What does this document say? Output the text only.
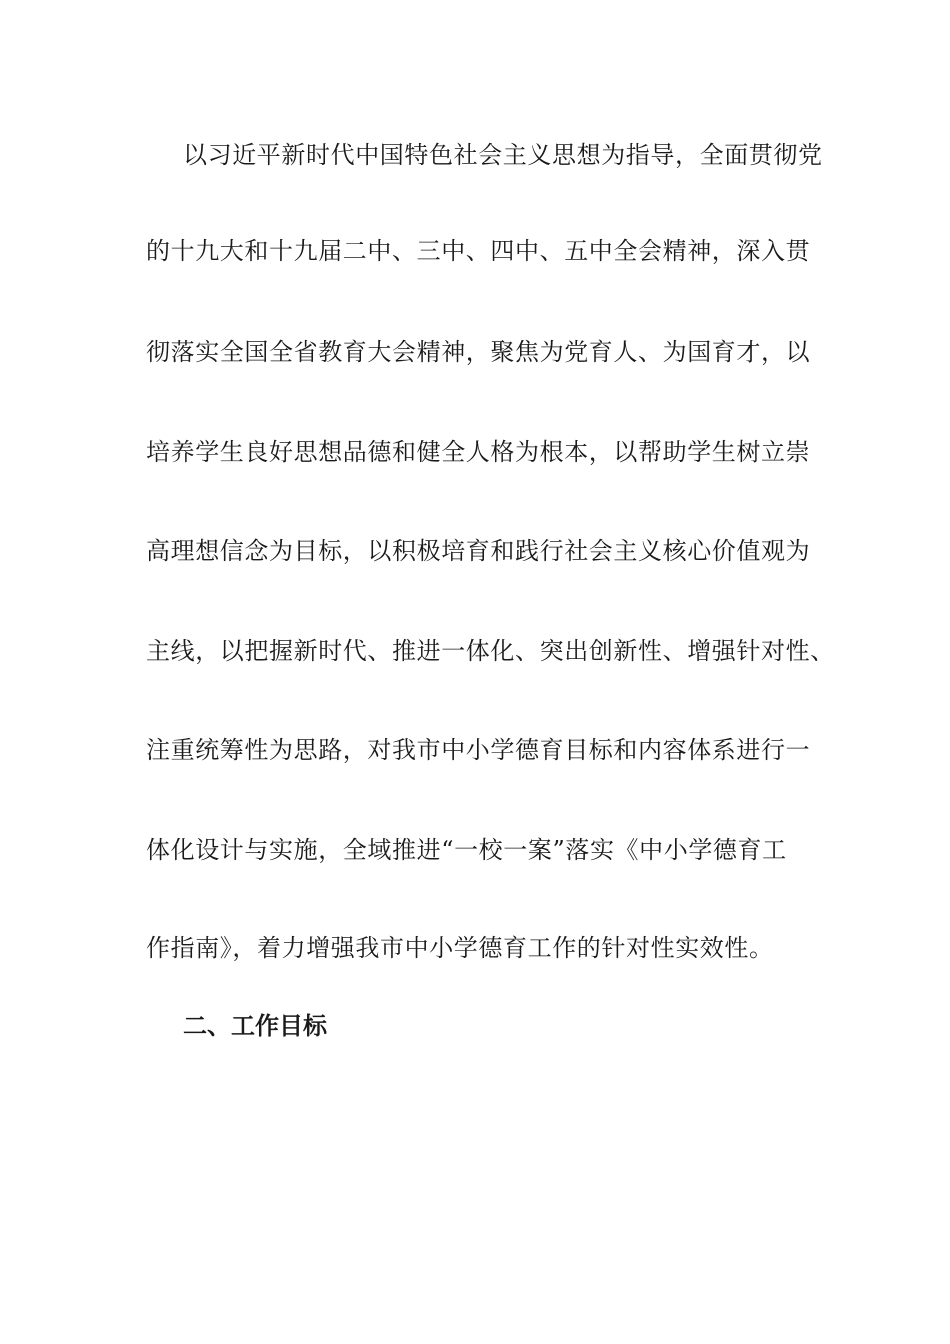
以习近平新时代中国特色社会主义思想为指导，全面贯彻党
的十九大和十九届二中、三中、四中、五中全会精神，深入贯
彻落实全国全省教育大会精神，聚焦为党育人、为国育才，以
培养学生良好思想品德和健全人格为根本，以帮助学生树立崇
高理想信念为目标，以积极培育和践行社会主义核心价值观为
主线，以把握新时代、推进一体化、突出创新性、增强针对性、
注重统筹性为思路，对我市中小学德育目标和内容体系进行一
体化设计与实施，全域推进“一校一案”落实《中小学德育工
作指南》，着力增强我市中小学德育工作的针对性实效性。
二、工作目标
